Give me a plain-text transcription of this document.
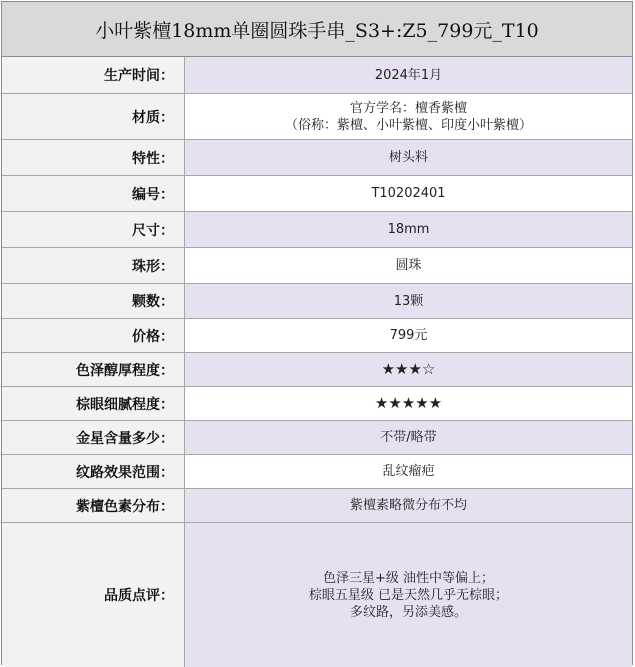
小叶紫檀18mm单圈圆珠手串_S3+:Z5_799元_T10
生产时间：	2024年1月
材质：
官方学名：檀香紫檀
（俗称：紫檀、小叶紫檀、印度小叶紫檀）
特性：	树头料
编号：	T10202401
尺寸：	18mm
珠形：	圆珠
颗数：	13颗
价格：	799元
色泽醇厚程度：	★★★☆
棕眼细腻程度：	★★★★★
金星含量多少：	不带/略带
纹路效果范围：	乱纹瘤疤
紫檀色素分布：	紫檀素略微分布不均
品质点评：
色泽三星+级 油性中等偏上；
棕眼五星级 已是天然几乎无棕眼；
多纹路，另添美感。
